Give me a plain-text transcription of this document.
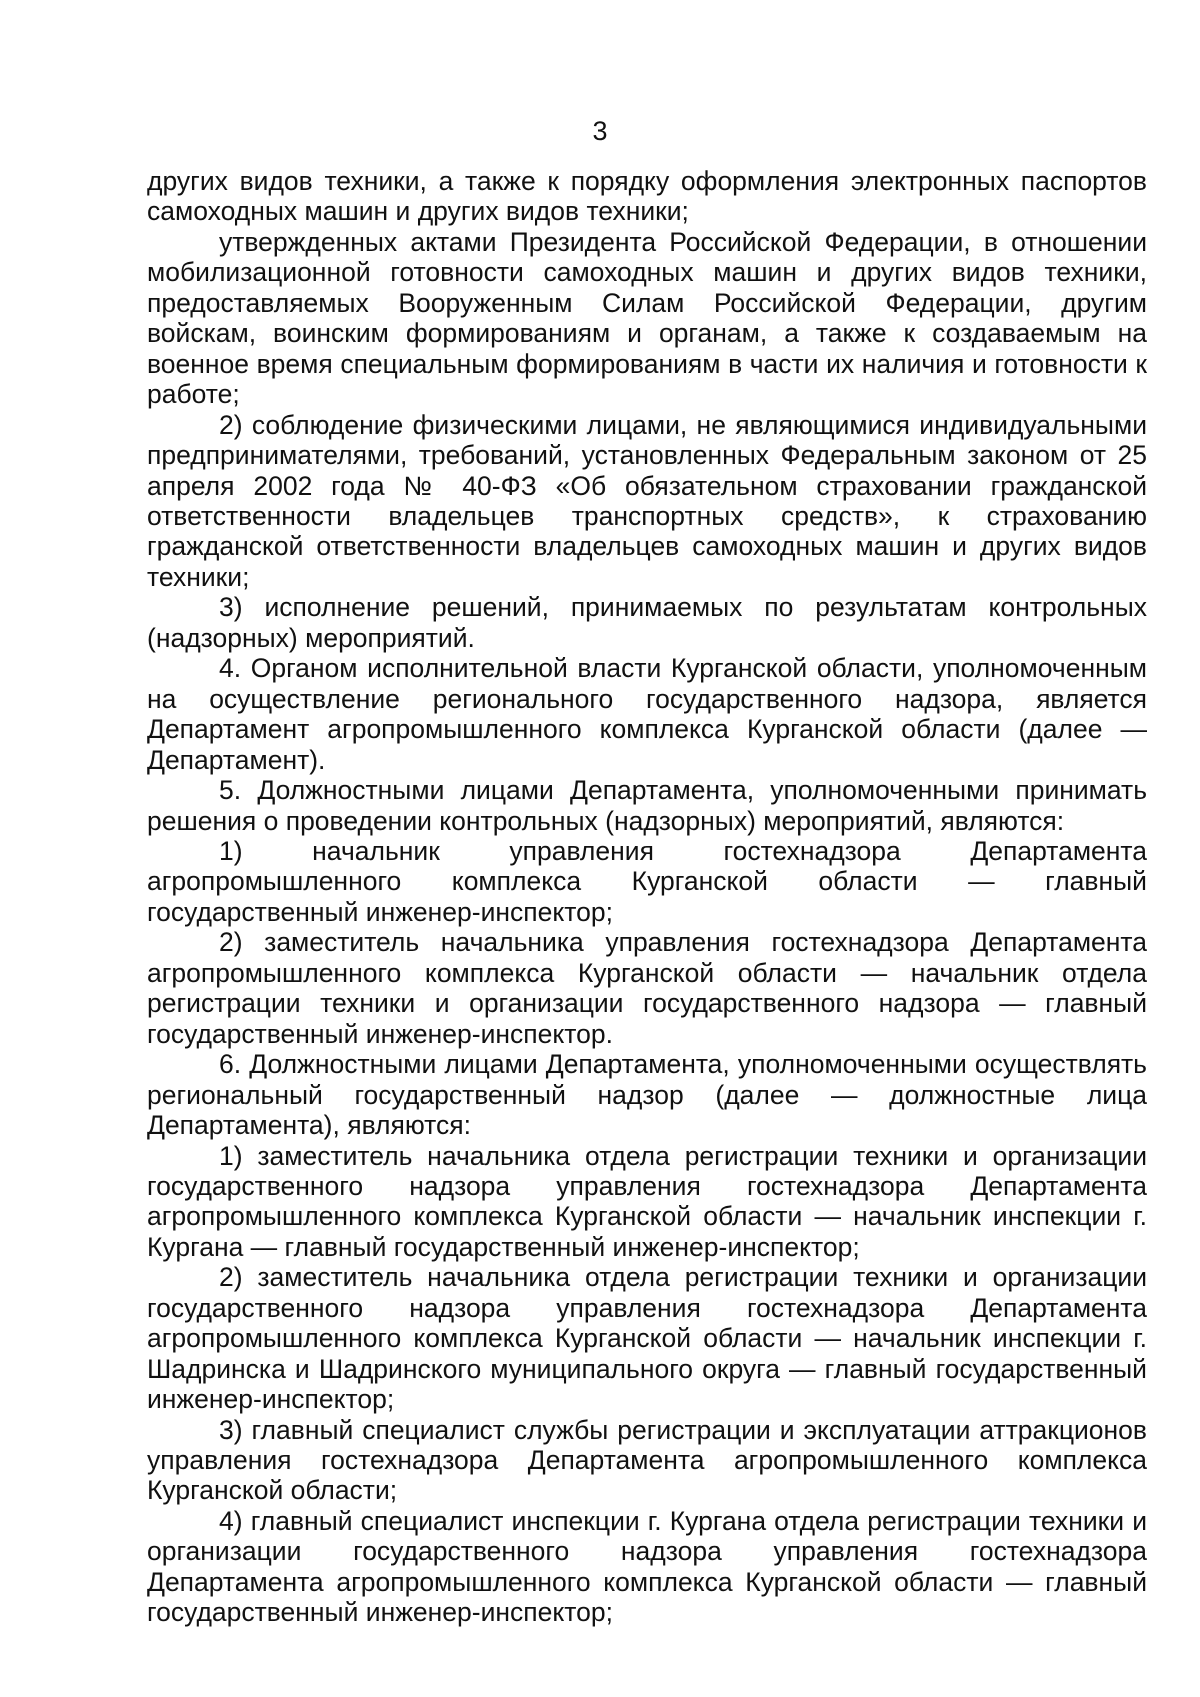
3

других видов техники, а также к порядку оформления электронных паспортов самоходных машин и других видов техники;

утвержденных актами Президента Российской Федерации, в отношении мобилизационной готовности самоходных машин и других видов техники, предоставляемых Вооруженным Силам Российской Федерации, другим войскам, воинским формированиям и органам, а также к создаваемым на военное время специальным формированиям в части их наличия и готовности к работе;

2) соблюдение физическими лицами, не являющимися индивидуальными предпринимателями, требований, установленных Федеральным законом от 25 апреля 2002 года № 40-ФЗ «Об обязательном страховании гражданской ответственности владельцев транспортных средств», к страхованию гражданской ответственности владельцев самоходных машин и других видов техники;

3) исполнение решений, принимаемых по результатам контрольных (надзорных) мероприятий.

4. Органом исполнительной власти Курганской области, уполномоченным на осуществление регионального государственного надзора, является Департамент агропромышленного комплекса Курганской области (далее — Департамент).

5. Должностными лицами Департамента, уполномоченными принимать решения о проведении контрольных (надзорных) мероприятий, являются:

1) начальник управления гостехнадзора Департамента агропромышленного комплекса Курганской области — главный государственный инженер-инспектор;

2) заместитель начальника управления гостехнадзора Департамента агропромышленного комплекса Курганской области — начальник отдела регистрации техники и организации государственного надзора — главный государственный инженер-инспектор.

6. Должностными лицами Департамента, уполномоченными осуществлять региональный государственный надзор (далее — должностные лица Департамента), являются:

1) заместитель начальника отдела регистрации техники и организации государственного надзора управления гостехнадзора Департамента агропромышленного комплекса Курганской области — начальник инспекции г. Кургана — главный государственный инженер-инспектор;

2) заместитель начальника отдела регистрации техники и организации государственного надзора управления гостехнадзора Департамента агропромышленного комплекса Курганской области — начальник инспекции г. Шадринска и Шадринского муниципального округа — главный государственный инженер-инспектор;

3) главный специалист службы регистрации и эксплуатации аттракционов управления гостехнадзора Департамента агропромышленного комплекса Курганской области;

4) главный специалист инспекции г. Кургана отдела регистрации техники и организации государственного надзора управления гостехнадзора Департамента агропромышленного комплекса Курганской области — главный государственный инженер-инспектор;
